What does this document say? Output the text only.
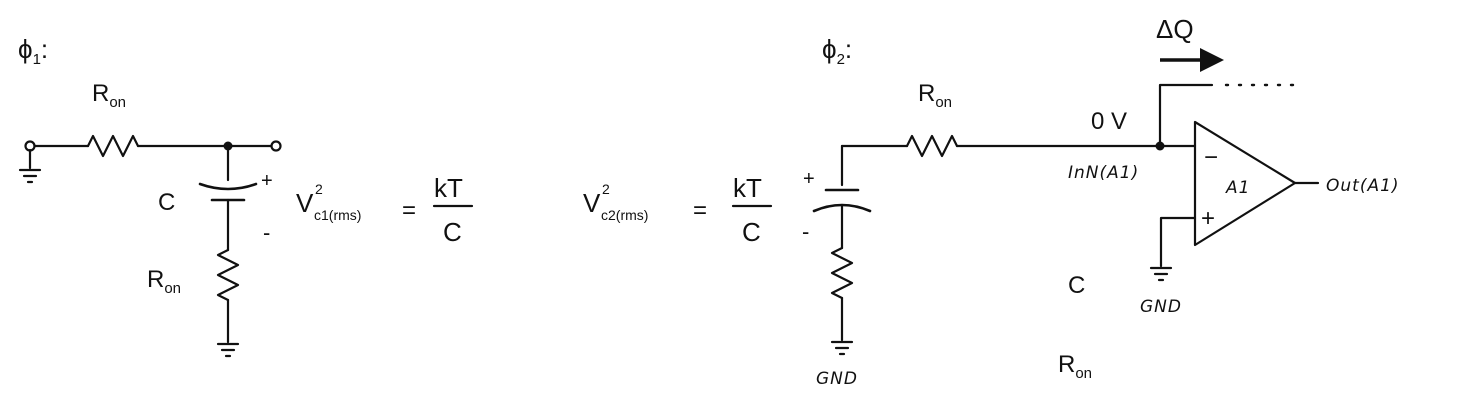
$\phi_1$:
$R_{on}$
C
+
-
$R_{on}$
V 2
c1(rms) =
kT
C
$\phi_2$:
V 2
c2(rms) =
kT
C
+
-
GND
$R_{on}$
0 V
InN(A1)
ΔQ
−
+
A1	Out(A1)
GND
C
$R_{on}$
